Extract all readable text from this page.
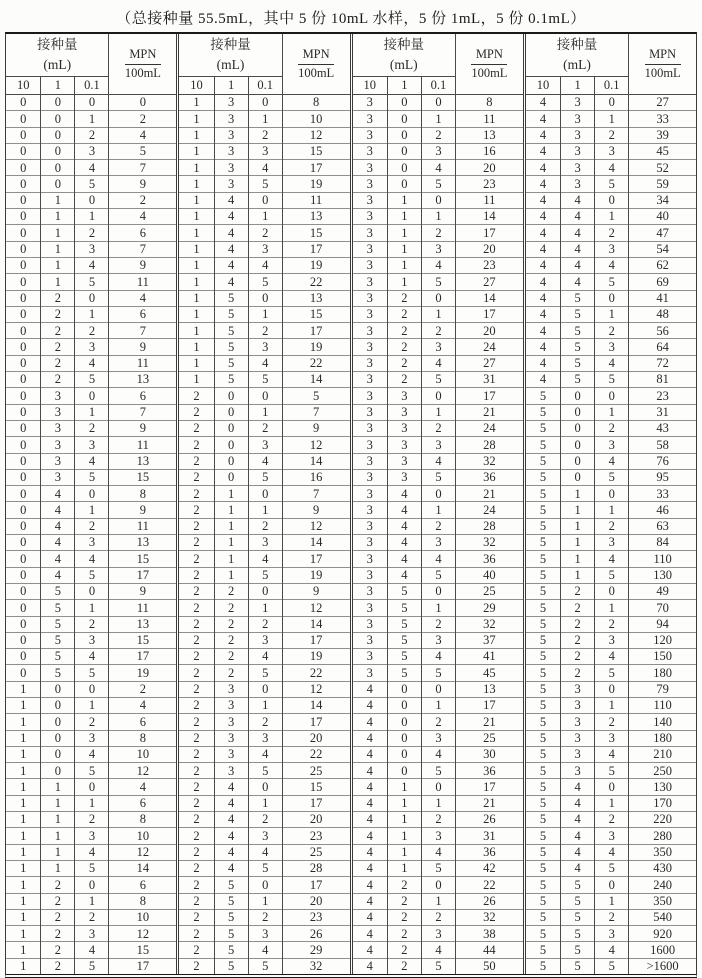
（总接种量 55.5mL，其中 5 份 10mL 水样，5 份 1mL，5 份 0.1mL）
接种量
(mL)	$\frac{\text{MPN}}{100mL}$

10	1	0.1	
0	0	0	0
0	0	1	2
0	0	2	4
0	0	3	5
0	0	4	7
0	0	5	9
0	1	0	2
0	1	1	4
0	1	2	6
0	1	3	7
0	1	4	9
0	1	5	11
0	2	0	4
0	2	1	6
0	2	2	7
0	2	3	9
0	2	4	11
0	2	5	13
0	3	0	6
0	3	1	7
0	3	2	9
0	3	3	11
0	3	4	13
0	3	5	15
0	4	0	8
0	4	1	9
0	4	2	11
0	4	3	13
0	4	4	15
0	4	5	17
0	5	0	9
0	5	1	11
0	5	2	13
0	5	3	15
0	5	4	17
0	5	5	19
1	0	0	2
1	0	1	4
1	0	2	6
1	0	3	8
1	0	4	10
1	0	5	12
1	1	0	4
1	1	1	6
1	1	2	8
1	1	3	10
1	1	4	12
1	1	5	14
1	2	0	6
1	2	1	8
1	2	2	10
1	2	3	12
1	2	4	15
1	2	5	17
接种量
(mL)	$\frac{\text{MPN}}{100mL}$

10	1	0.1	
1	3	0	8
1	3	1	10
1	3	2	12
1	3	3	15
1	3	4	17
1	3	5	19
1	4	0	11
1	4	1	13
1	4	2	15
1	4	3	17
1	4	4	19
1	4	5	22
1	5	0	13
1	5	1	15
1	5	2	17
1	5	3	19
1	5	4	22
1	5	5	14
2	0	0	5
2	0	1	7
2	0	2	9
2	0	3	12
2	0	4	14
2	0	5	16
2	1	0	7
2	1	1	9
2	1	2	12
2	1	3	14
2	1	4	17
2	1	5	19
2	2	0	9
2	2	1	12
2	2	2	14
2	2	3	17
2	2	4	19
2	2	5	22
2	3	0	12
2	3	1	14
2	3	2	17
2	3	3	20
2	3	4	22
2	3	5	25
2	4	0	15
2	4	1	17
2	4	2	20
2	4	3	23
2	4	4	25
2	4	5	28
2	5	0	17
2	5	1	20
2	5	2	23
2	5	3	26
2	5	4	29
2	5	5	32
接种量
(mL)	$\frac{\text{MPN}}{100mL}$

10	1	0.1	
3	0	0	8
3	0	1	11
3	0	2	13
3	0	3	16
3	0	4	20
3	0	5	23
3	1	0	11
3	1	1	14
3	1	2	17
3	1	3	20
3	1	4	23
3	1	5	27
3	2	0	14
3	2	1	17
3	2	2	20
3	2	3	24
3	2	4	27
3	2	5	31
3	3	0	17
3	3	1	21
3	3	2	24
3	3	3	28
3	3	4	32
3	3	5	36
3	4	0	21
3	4	1	24
3	4	2	28
3	4	3	32
3	4	4	36
3	4	5	40
3	5	0	25
3	5	1	29
3	5	2	32
3	5	3	37
3	5	4	41
3	5	5	45
4	0	0	13
4	0	1	17
4	0	2	21
4	0	3	25
4	0	4	30
4	0	5	36
4	1	0	17
4	1	1	21
4	1	2	26
4	1	3	31
4	1	4	36
4	1	5	42
4	2	0	22
4	2	1	26
4	2	2	32
4	2	3	38
4	2	4	44
4	2	5	50
接种量
(mL)	$\frac{\text{MPN}}{100mL}$

10	1	0.1	
4	3	0	27
4	3	1	33
4	3	2	39
4	3	3	45
4	3	4	52
4	3	5	59
4	4	0	34
4	4	1	40
4	4	2	47
4	4	3	54
4	4	4	62
4	4	5	69
4	5	0	41
4	5	1	48
4	5	2	56
4	5	3	64
4	5	4	72
4	5	5	81
5	0	0	23
5	0	1	31
5	0	2	43
5	0	3	58
5	0	4	76
5	0	5	95
5	1	0	33
5	1	1	46
5	1	2	63
5	1	3	84
5	1	4	110
5	1	5	130
5	2	0	49
5	2	1	70
5	2	2	94
5	2	3	120
5	2	4	150
5	2	5	180
5	3	0	79
5	3	1	110
5	3	2	140
5	3	3	180
5	3	4	210
5	3	5	250
5	4	0	130
5	4	1	170
5	4	2	220
5	4	3	280
5	4	4	350
5	4	5	430
5	5	0	240
5	5	1	350
5	5	2	540
5	5	3	920
5	5	4	1600
5	5	5	>1600
